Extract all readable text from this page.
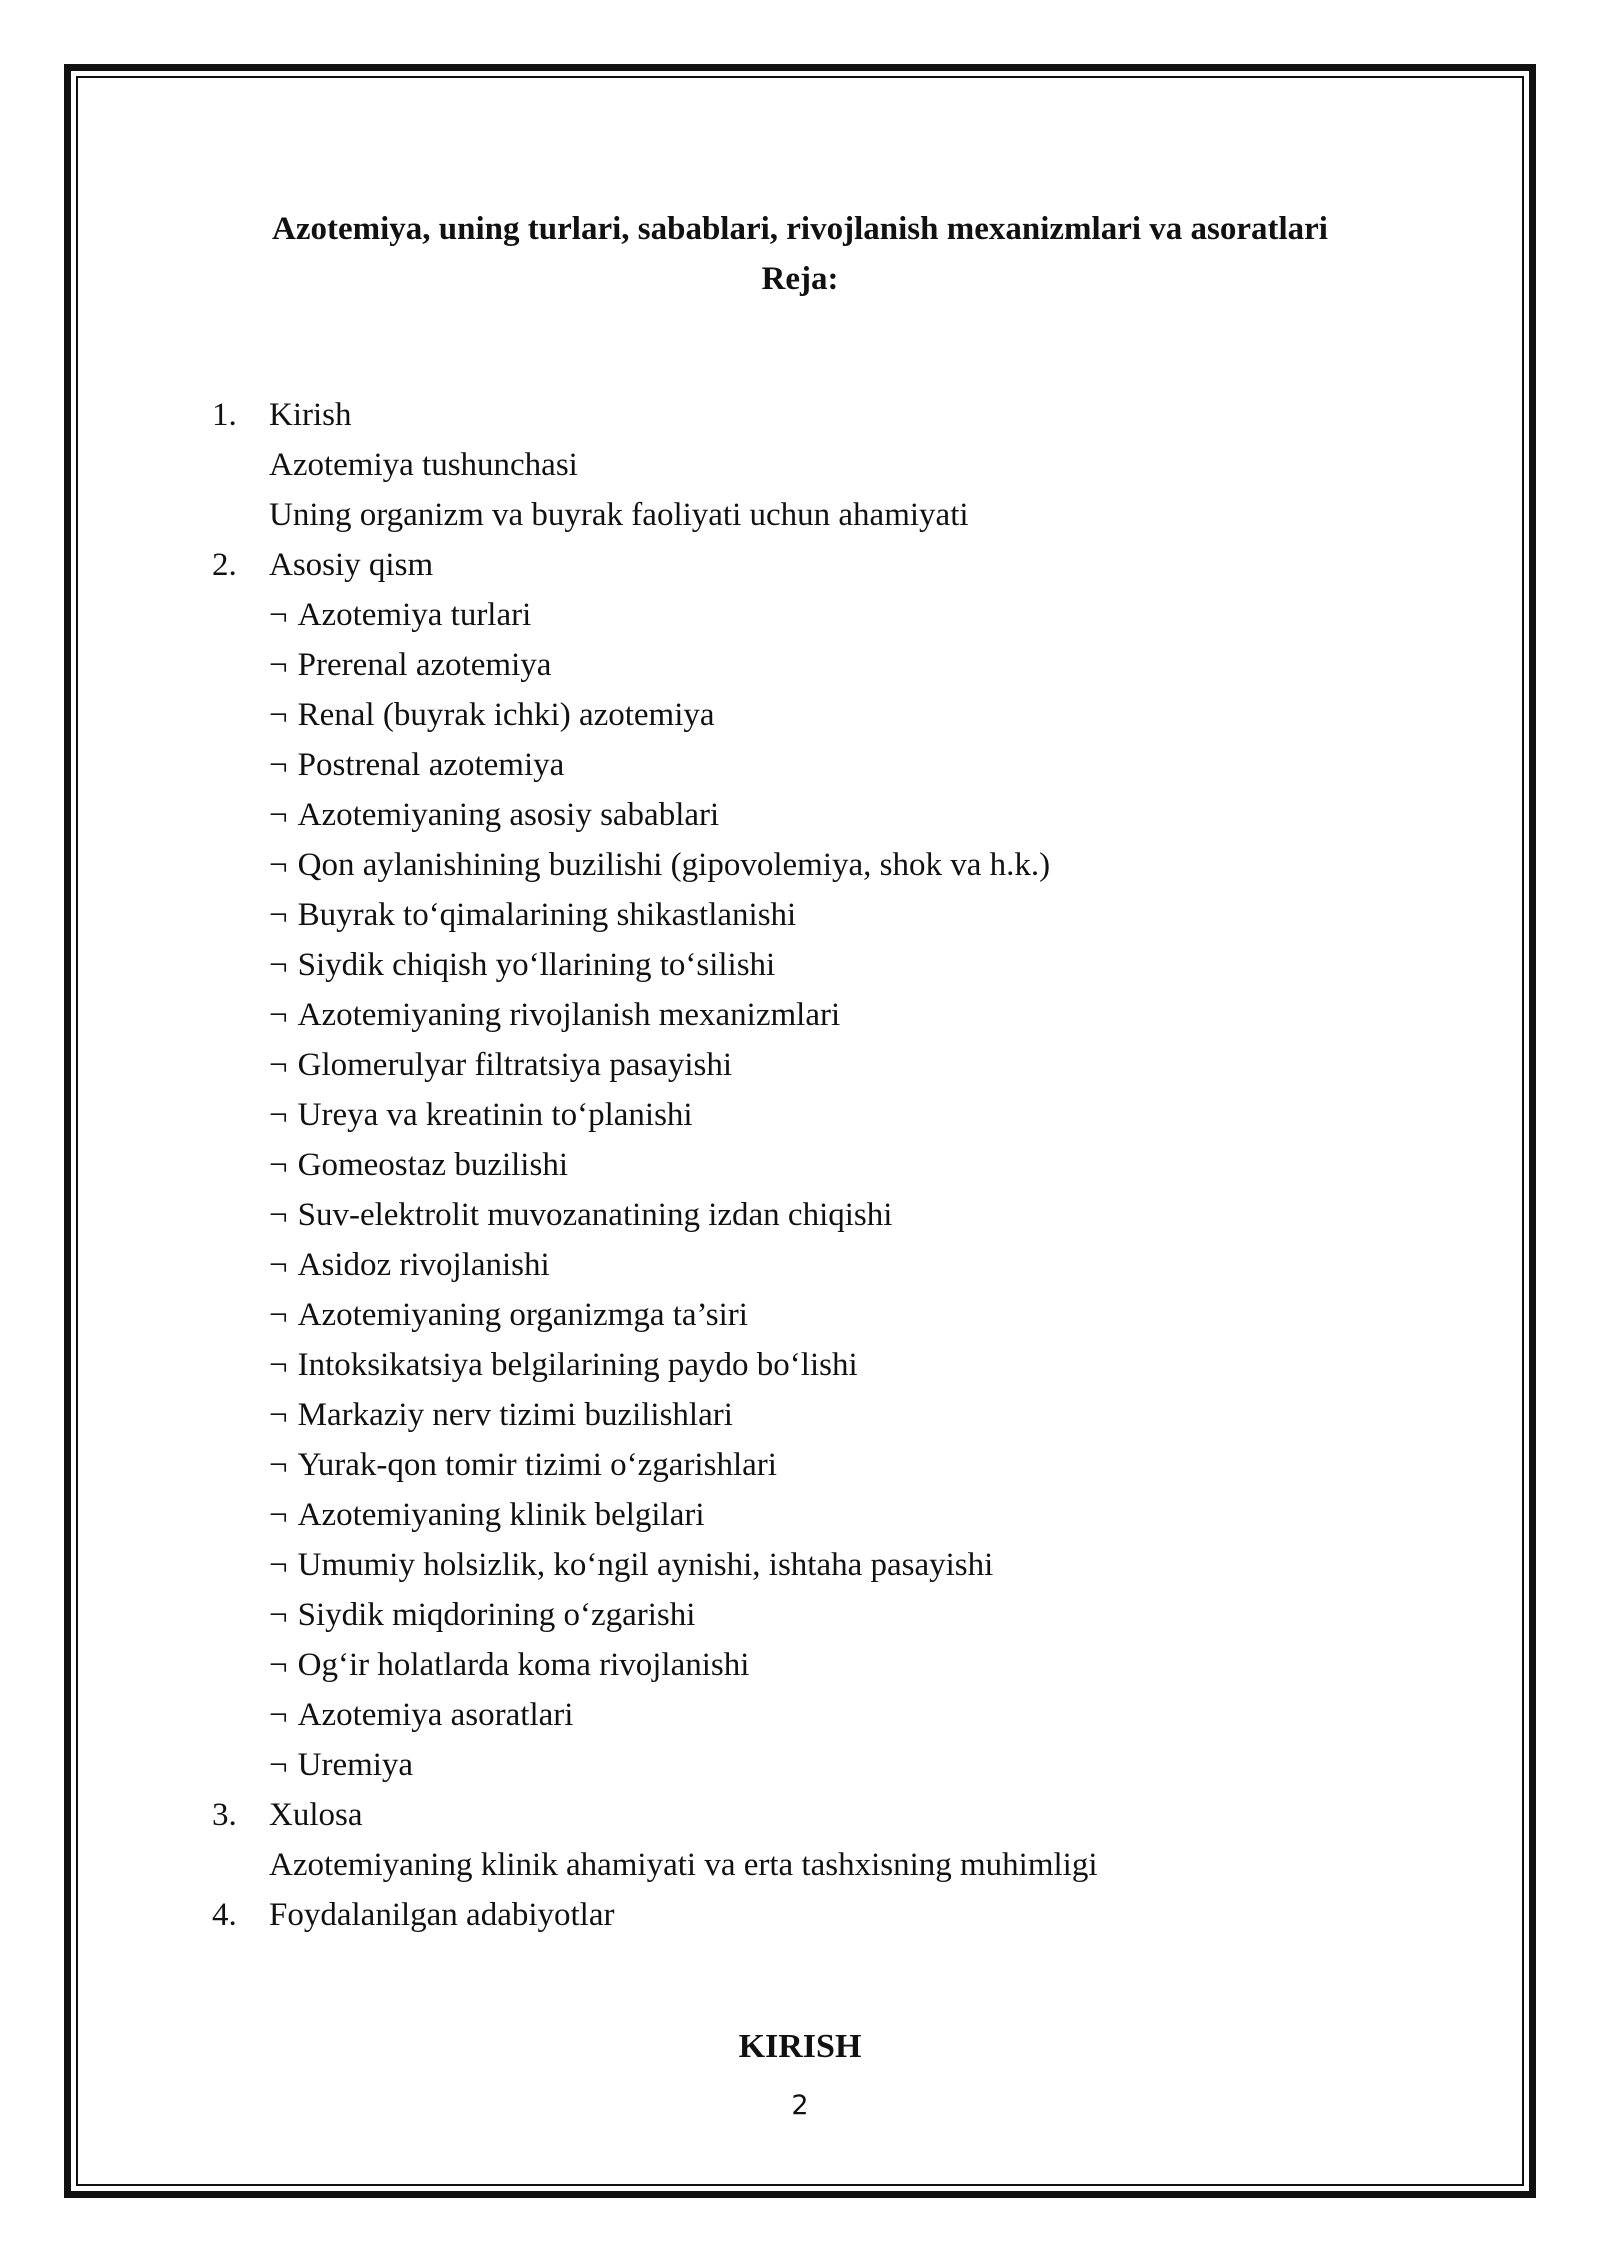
Azotemiya, uning turlari, sabablari, rivojlanish mexanizmlari va asoratlari
Reja:
1. Kirish
Azotemiya tushunchasi
Uning organizm va buyrak faoliyati uchun ahamiyati
2. Asosiy qism
¬ Azotemiya turlari
¬ Prerenal azotemiya
¬ Renal (buyrak ichki) azotemiya
¬ Postrenal azotemiya
¬ Azotemiyaning asosiy sabablari
¬ Qon aylanishining buzilishi (gipovolemiya, shok va h.k.)
¬ Buyrak to‘qimalarining shikastlanishi
¬ Siydik chiqish yo‘llarining to‘silishi
¬ Azotemiyaning rivojlanish mexanizmlari
¬ Glomerulyar filtratsiya pasayishi
¬ Ureya va kreatinin to‘planishi
¬ Gomeostaz buzilishi
¬ Suv-elektrolit muvozanatining izdan chiqishi
¬ Asidoz rivojlanishi
¬ Azotemiyaning organizmga ta’siri
¬ Intoksikatsiya belgilarining paydo bo‘lishi
¬ Markaziy nerv tizimi buzilishlari
¬ Yurak-qon tomir tizimi o‘zgarishlari
¬ Azotemiyaning klinik belgilari
¬ Umumiy holsizlik, ko‘ngil aynishi, ishtaha pasayishi
¬ Siydik miqdorining o‘zgarishi
¬ Og‘ir holatlarda koma rivojlanishi
¬ Azotemiya asoratlari
¬ Uremiya
3. Xulosa
Azotemiyaning klinik ahamiyati va erta tashxisning muhimligi
4. Foydalanilgan adabiyotlar
KIRISH
2
